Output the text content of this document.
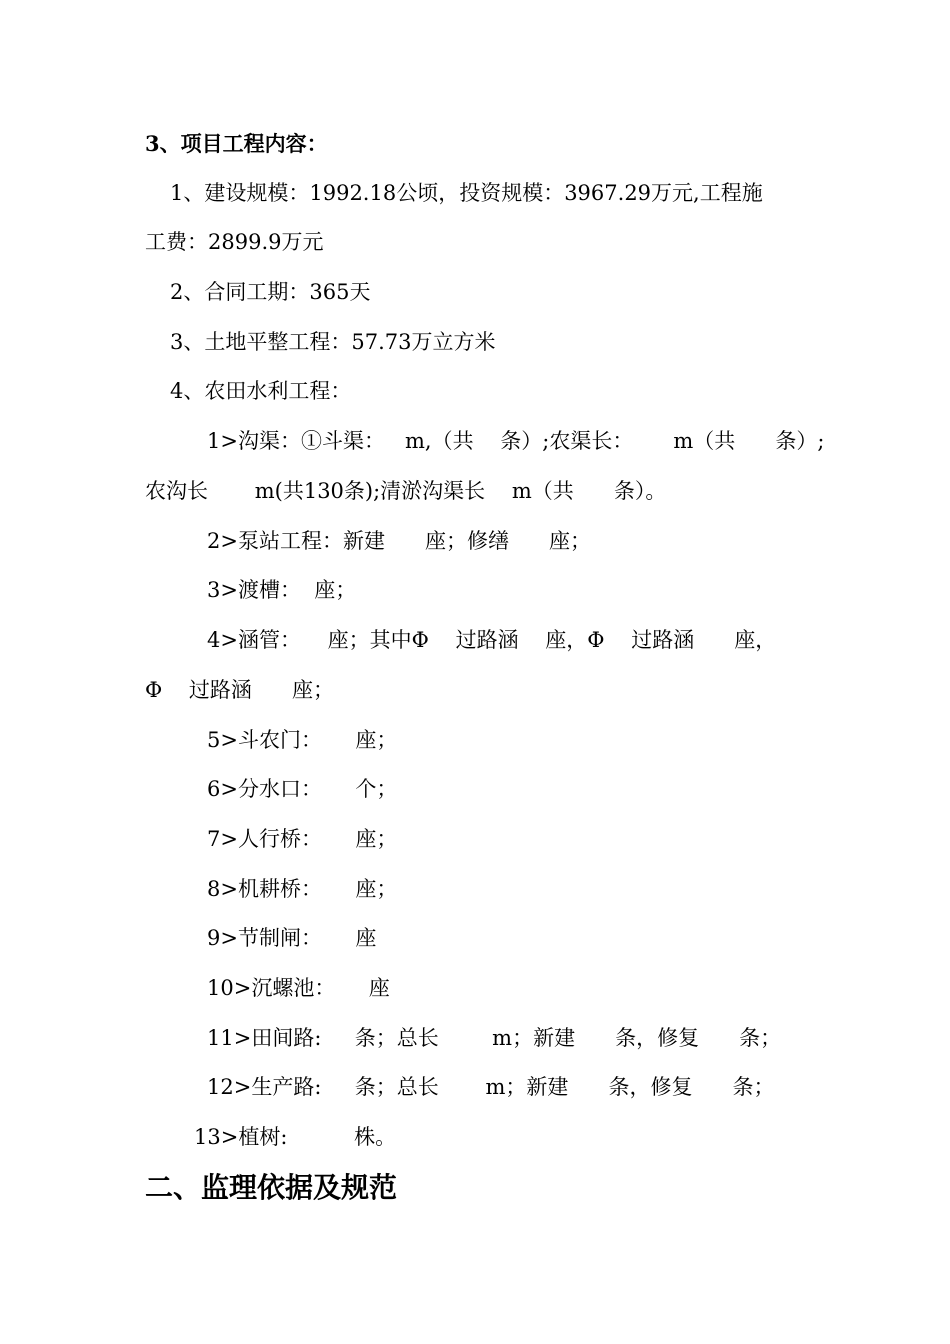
3、项目工程内容：
1、建设规模：1992.18公顷，投资规模：3967.29万元,工程施
工费：2899.9万元
2、合同工期：365天
3、土地平整工程：57.73万立方米
4、农田水利工程：
1>沟渠：①斗渠：   m,（共    条）;农渠长：      m（共      条）;
农沟长       m(共130条);清淤沟渠长    m（共      条）。
2>泵站工程：新建      座；修缮      座；
3>渡槽：  座；
4>涵管：    座；其中Φ    过路涵    座，Φ    过路涵      座，
Φ    过路涵      座；
5>斗农门：     座；
6>分水口：     个；
7>人行桥：     座；
8>机耕桥：     座；
9>节制闸：     座
10>沉螺池：     座
11>田间路:     条；总长        m；新建      条，修复      条；
12>生产路:     条；总长       m；新建      条，修复      条；
13>植树:          株。
二、监理依据及规范
